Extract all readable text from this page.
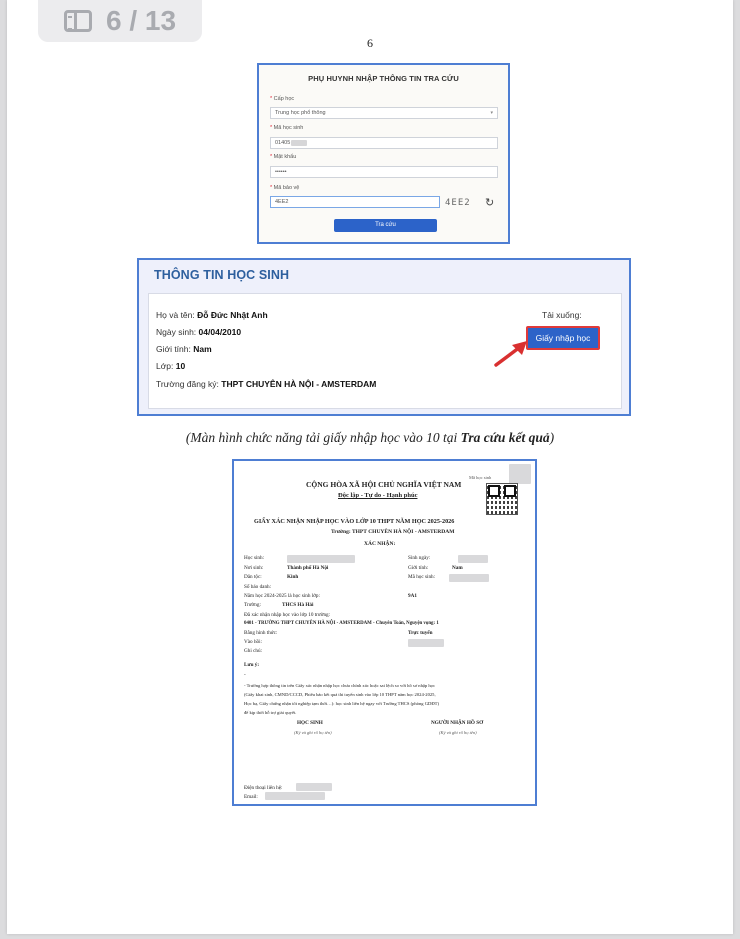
6
PHỤ HUYNH NHẬP THÔNG TIN TRA CỨU
* Cấp học
Trung học phổ thông	▾
* Mã học sinh
01405
* Mật khẩu
••••••
* Mã bảo vệ
4EE2	4EE2 ↻
Tra cứu
THÔNG TIN HỌC SINH
Họ và tên: Đỗ Đức Nhật Anh
Ngày sinh: 04/04/2010
Giới tính: Nam
Lớp: 10
Trường đăng ký: THPT CHUYÊN HÀ NỘI - AMSTERDAM
Tải xuống:
Giấy nhập học
(Màn hình chức năng tải giấy nhập học vào 10 tại Tra cứu kết quả)
Mã học sinh
CỘNG HÒA XÃ HỘI CHỦ NGHĨA VIỆT NAM
Độc lập - Tự do - Hạnh phúc
GIẤY XÁC NHẬN NHẬP HỌC VÀO LỚP 10 THPT NĂM HỌC 2025-2026
Trường: THPT CHUYÊN HÀ NỘI - AMSTERDAM
XÁC NHẬN:
Học sinh:	Sinh ngày:
Nơi sinh:	Thành phố Hà Nội	Giới tính:	Nam
Dân tộc:	Kinh	Mã học sinh:
Số báo danh:
Năm học 2024-2025 là học sinh lớp:	9A1
Trường:	THCS Hà Hải
Đã xác nhận nhập học vào lớp 10 trường:
0401 - TRƯỜNG THPT CHUYÊN HÀ NỘI - AMSTERDAM - Chuyên Toán, Nguyện vọng: 1
Bằng hình thức:	Trực tuyến
Vào hồi:
Ghi chú:
Lưu ý:
-
- Trường hợp thông tin trên Giấy xác nhận nhập học chưa chính xác hoặc sai lệch so với hồ sơ nhập học
(Giấy khai sinh, CMND/CCCD, Phiếu báo kết quả thi tuyển sinh vào lớp 10 THPT năm học 2024-2025,
Học bạ, Giấy chứng nhận tốt nghiệp tạm thời…): học sinh liên hệ ngay với Trường THCS (phòng GDĐT)
để kịp thời hỗ trợ giải quyết.
HỌC SINH
(Ký và ghi rõ họ tên)
NGƯỜI NHẬN HỒ SƠ
(Ký và ghi rõ họ tên)
Điện thoại liên hệ:
Email:
6 / 13
